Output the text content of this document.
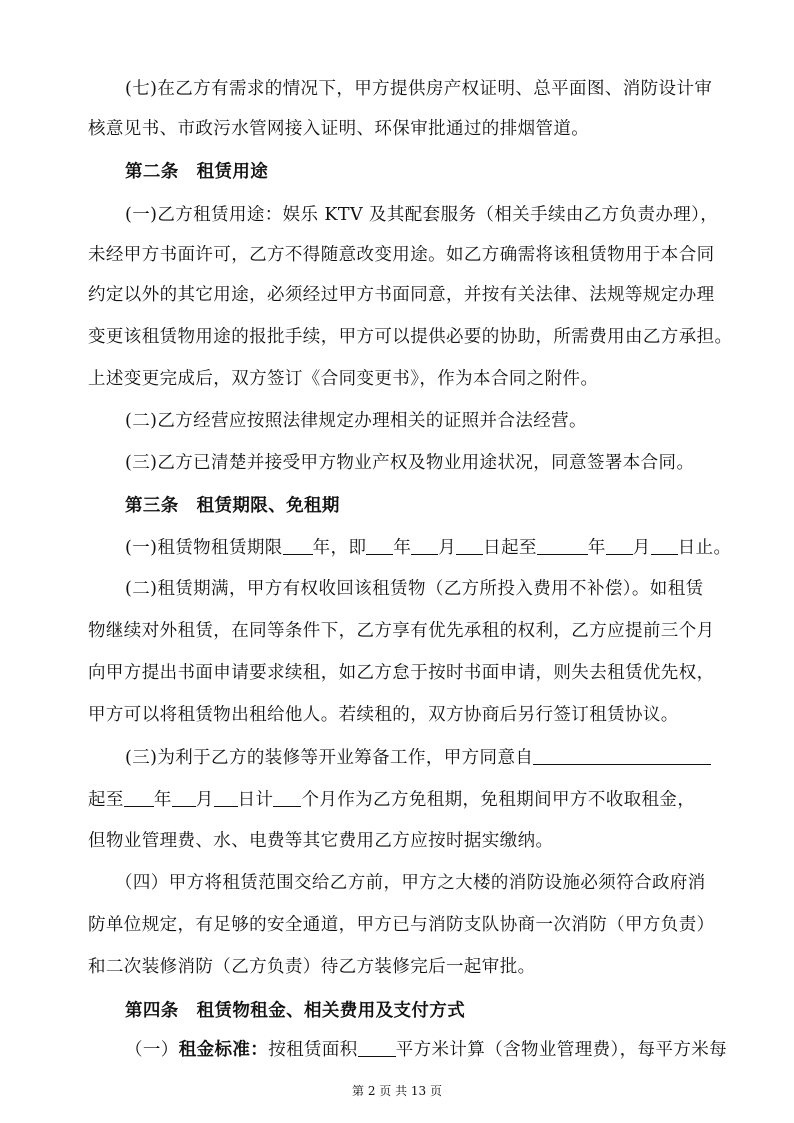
(七)在乙方有需求的情况下，甲方提供房产权证明、总平面图、消防设计审
核意见书、市政污水管网接入证明、环保审批通过的排烟管道。
第二条　租赁用途
(一)乙方租赁用途：娱乐 KTV 及其配套服务（相关手续由乙方负责办理），
未经甲方书面许可，乙方不得随意改变用途。如乙方确需将该租赁物用于本合同
约定以外的其它用途，必须经过甲方书面同意，并按有关法律、法规等规定办理
变更该租赁物用途的报批手续，甲方可以提供必要的协助，所需费用由乙方承担。
上述变更完成后，双方签订《合同变更书》，作为本合同之附件。
(二)乙方经营应按照法律规定办理相关的证照并合法经营。
(三)乙方已清楚并接受甲方物业产权及物业用途状况，同意签署本合同。
第三条　租赁期限、免租期
(一)租赁物租赁期限 年，即 年 月 日起至	年 月 日止。
(二)租赁期满，甲方有权收回该租赁物（乙方所投入费用不补偿）。如租赁
物继续对外租赁，在同等条件下，乙方享有优先承租的权利，乙方应提前三个月
向甲方提出书面申请要求续租，如乙方怠于按时书面申请，则失去租赁优先权，
甲方可以将租赁物出租给他人。若续租的，双方协商后另行签订租赁协议。
(三)为利于乙方的装修等开业筹备工作，甲方同意自
起至 年 月 日计 个月作为乙方免租期，免租期间甲方不收取租金，
但物业管理费、水、电费等其它费用乙方应按时据实缴纳。
（四）甲方将租赁范围交给乙方前，甲方之大楼的消防设施必须符合政府消
防单位规定，有足够的安全通道，甲方已与消防支队协商一次消防（甲方负责）
和二次装修消防（乙方负责）待乙方装修完后一起审批。
第四条　租赁物租金、相关费用及支付方式
（一）租金标准：按租赁面积 平方米计算（含物业管理费），每平方米每
第 2 页 共 13 页
